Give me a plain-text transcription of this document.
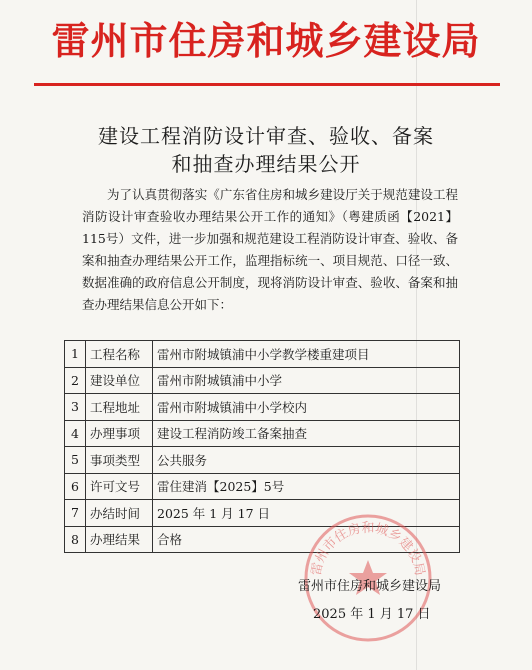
雷州市住房和城乡建设局
建设工程消防设计审查、验收、备案
和抽查办理结果公开
为了认真贯彻落实《广东省住房和城乡建设厅关于规范建设工程消防设计审查验收办理结果公开工作的通知》（粤建质函【2021】115号）文件，进一步加强和规范建设工程消防设计审查、验收、备案和抽查办理结果公开工作，监理指标统一、项目规范、口径一致、数据准确的政府信息公开制度，现将消防设计审查、验收、备案和抽查办理结果信息公开如下：
1	工程名称	雷州市附城镇浦中小学教学楼重建项目
2	建设单位	雷州市附城镇浦中小学
3	工程地址	雷州市附城镇浦中小学校内
4	办理事项	建设工程消防竣工备案抽查
5	事项类型	公共服务
6	许可文号	雷住建消【2025】5号
7	办结时间	2025 年 1 月 17 日
8	办理结果	合格
雷州市住房和城乡建设局
雷州市住房和城乡建设局
2025 年 1 月 17 日
